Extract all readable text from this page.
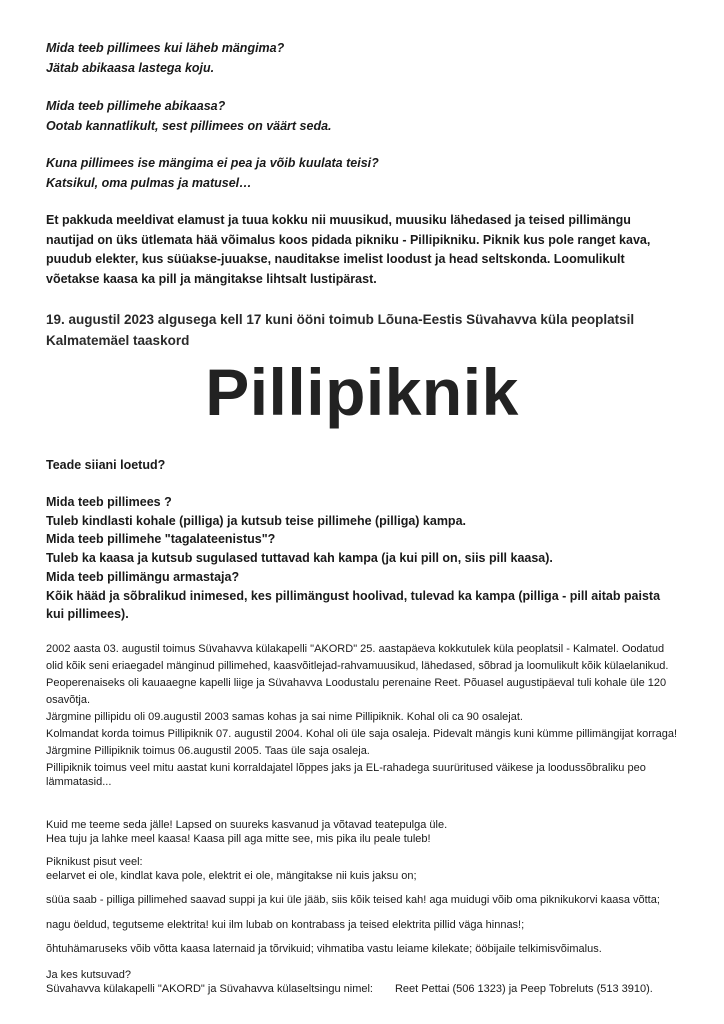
Mida teeb pillimees kui läheb mängima?
Jätab abikaasa lastega koju.
Mida teeb pillimehe abikaasa?
Ootab kannatlikult, sest pillimees on väärt seda.
Kuna pillimees ise mängima ei pea ja võib kuulata teisi?
Katsikul, oma pulmas ja matusel…
Et pakkuda meeldivat elamust ja tuua kokku nii muusikud, muusiku lähedased ja teised pillimängu nautijad on üks ütlemata hää võimalus koos pidada pikniku - Pillipikniku. Piknik kus pole ranget kava, puudub elekter, kus süüakse-juuakse, nauditakse imelist loodust ja head seltskonda. Loomulikult võetakse kaasa ka pill ja mängitakse lihtsalt lustipärast.
19. augustil 2023 algusega kell 17 kuni ööni toimub Lõuna-Eestis Süvahavva küla peoplatsil Kalmatemäel taaskord
Pillipiknik
Teade siiani loetud?
Mida teeb pillimees ?
Tuleb kindlasti kohale (pilliga) ja kutsub teise pillimehe (pilliga) kampa.
Mida teeb pillimehe "tagalateenistus"?
Tuleb ka kaasa ja kutsub sugulased tuttavad kah kampa (ja kui pill on, siis pill kaasa).
Mida teeb pillimängu armastaja?
Kõik hääd ja sõbralikud inimesed, kes pillimängust hoolivad, tulevad ka kampa (pilliga - pill aitab paista kui pillimees).
2002 aasta 03. augustil toimus Süvahavva külakapelli "AKORD" 25. aastapäeva kokkutulek küla peoplatsil - Kalmatel. Oodatud olid kõik seni eriaegadel mänginud pillimehed, kaasvõitlejad-rahvamuusikud, lähedased, sõbrad ja loomulikult kõik külaelanikud. Peoperenaiseks oli kauaaegne kapelli liige ja Süvahavva Loodustalu perenaine Reet. Põuasel augustipäeval tuli kohale üle 120 osavõtja.
Järgmine pillipidu oli 09.augustil 2003 samas kohas ja sai nime Pillipiknik. Kohal oli ca 90 osalejat.
Kolmandat korda toimus Pillipiknik 07. augustil 2004. Kohal oli üle saja osaleja. Pidevalt mängis kuni kümme pillimängijat korraga!
Järgmine Pillipiknik toimus 06.augustil 2005. Taas üle saja osaleja.
Pillipiknik toimus veel mitu aastat kuni korraldajatel lõppes jaks ja EL-rahadega suurüritused väikese ja loodussõbraliku peo lämmatasid...
Kuid me teeme seda jälle! Lapsed on suureks kasvanud ja võtavad teatepulga üle.
Hea tuju ja lahke meel kaasa! Kaasa pill aga mitte see, mis pika ilu peale tuleb!
Piknikust pisut veel:
eelarvet ei ole, kindlat kava pole, elektrit ei ole, mängitakse nii kuis jaksu on;
süüa saab - pilliga pillimehed saavad suppi ja kui üle jääb, siis kõik teised kah! aga muidugi võib oma piknikukorvi kaasa võtta;
nagu öeldud, tegutseme elektrita! kui ilm lubab on kontrabass ja teised elektrita pillid väga hinnas!;
õhtuhämaruseks võib võtta kaasa laternaid ja tõrvikuid; vihmatiba vastu leiame kilekate; ööbijaile telkimisvõimalus.
Ja kes kutsuvad?
Süvahavva külakapelli "AKORD" ja Süvahavva külaseltsingu nimel: Reet Pettai (506 1323) ja Peep Tobreluts (513 3910).
